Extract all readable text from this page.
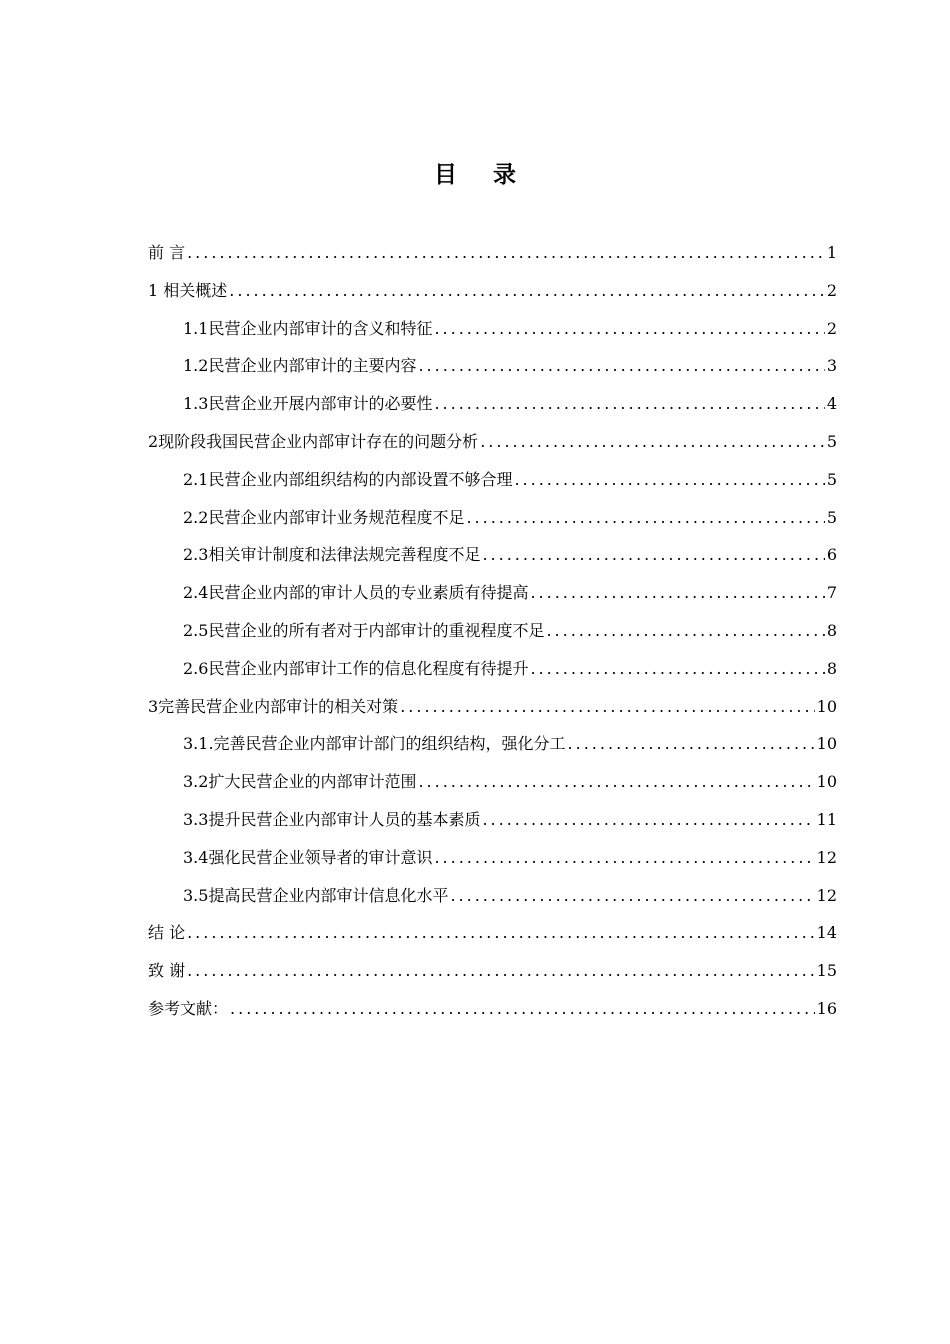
目 录
前 言 .....	1
1 相关概述 .....	2
1.1民营企业内部审计的含义和特征 .....	2
1.2民营企业内部审计的主要内容 .....	3
1.3民营企业开展内部审计的必要性 .....	4
2现阶段我国民营企业内部审计存在的问题分析 .....	5
2.1民营企业内部组织结构的内部设置不够合理 .....	5
2.2民营企业内部审计业务规范程度不足 .....	5
2.3相关审计制度和法律法规完善程度不足 .....	6
2.4民营企业内部的审计人员的专业素质有待提高 .....	7
2.5民营企业的所有者对于内部审计的重视程度不足 .....	8
2.6民营企业内部审计工作的信息化程度有待提升 .....	8
3完善民营企业内部审计的相关对策 .....	10
3.1.完善民营企业内部审计部门的组织结构，强化分工 .....	10
3.2扩大民营企业的内部审计范围 .....	10
3.3提升民营企业内部审计人员的基本素质 .....	11
3.4强化民营企业领导者的审计意识 .....	12
3.5提高民营企业内部审计信息化水平 .....	12
结 论 .....	14
致 谢 .....	15
参考文献： .....	16
